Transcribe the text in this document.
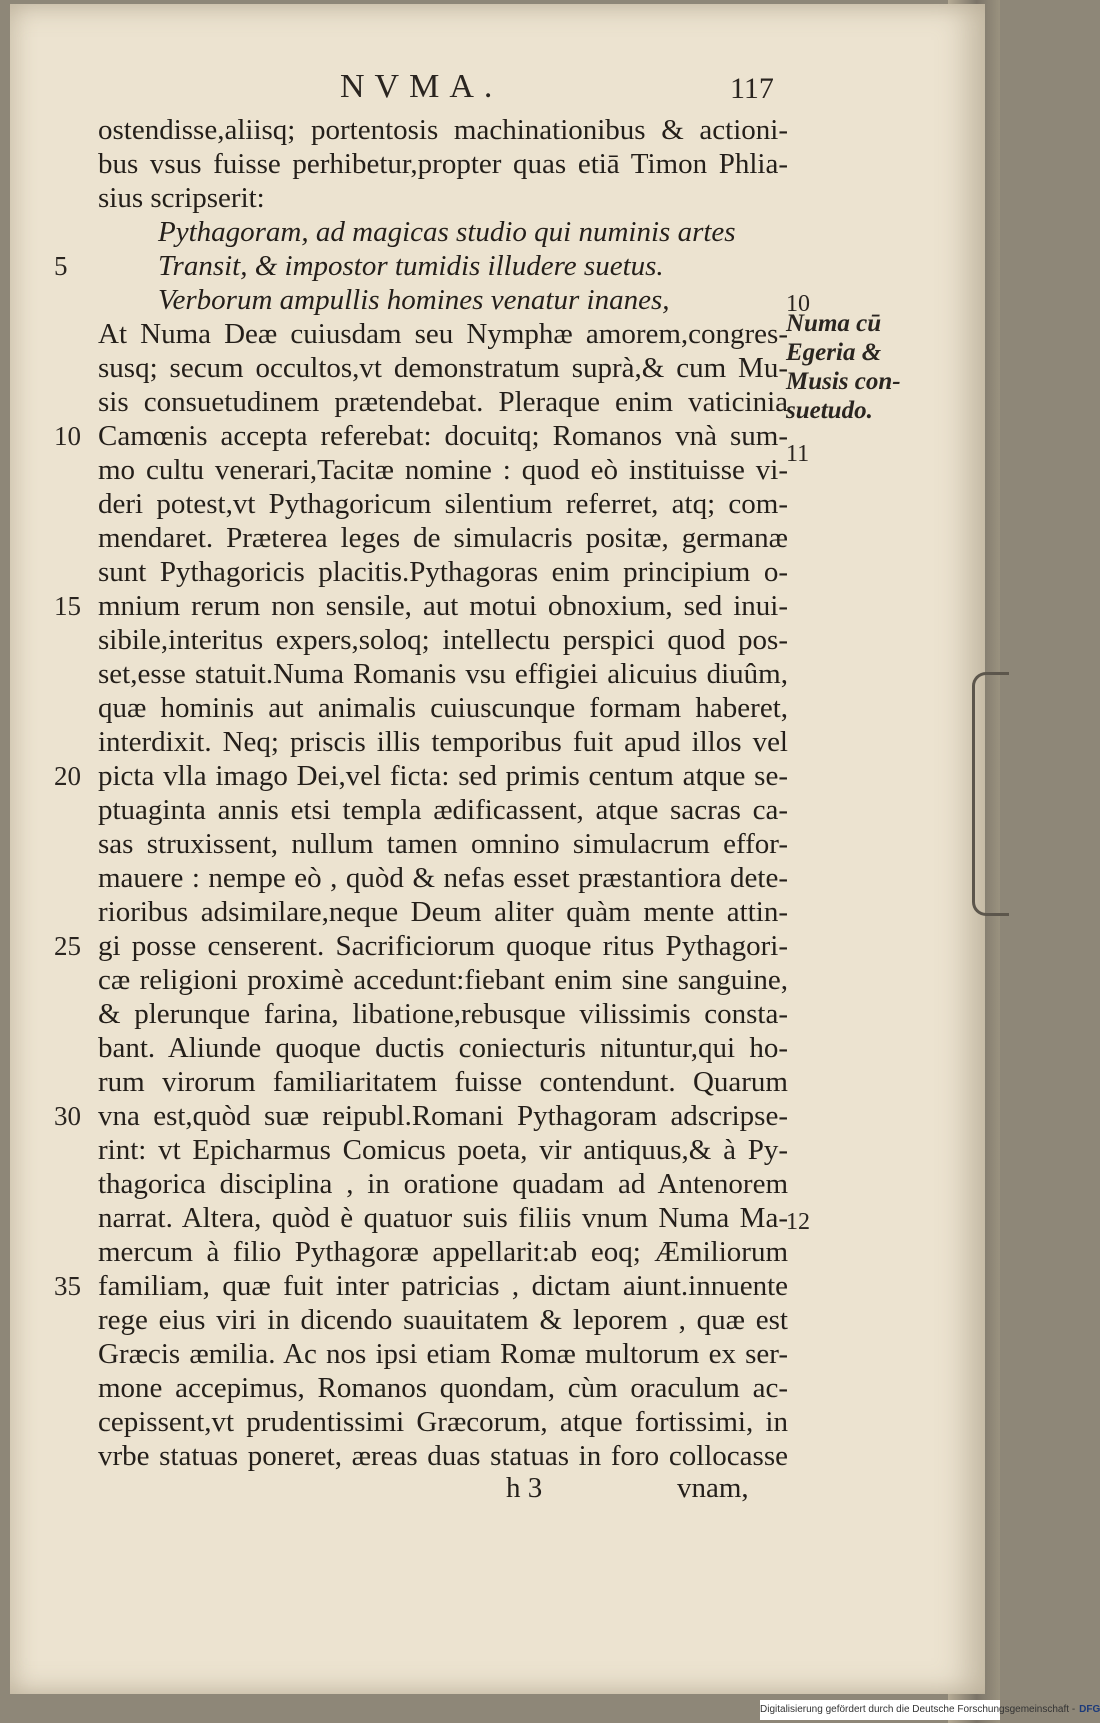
NVMA.	117
ostendisse,aliisq; portentosis machinationibus & actioni-
bus vsus fuisse perhibetur,propter quas etiā Timon Phlia-
sius scripserit:
Pythagoram, ad magicas studio qui numinis artes
Transit, & impostor tumidis illudere suetus.
Verborum ampullis homines venatur inanes,
At Numa Deæ cuiusdam seu Nymphæ amorem,congres-
susq; secum occultos,vt demonstratum suprà,& cum Mu-
sis consuetudinem prætendebat. Pleraque enim vaticinia
Camœnis accepta referebat: docuitq; Romanos vnà sum-
mo cultu venerari,Tacitæ nomine : quod eò instituisse vi-
deri potest,vt Pythagoricum silentium referret, atq; com-
mendaret. Præterea leges de simulacris positæ, germanæ
sunt Pythagoricis placitis.Pythagoras enim principium o-
mnium rerum non sensile, aut motui obnoxium, sed inui-
sibile,interitus expers,soloq; intellectu perspici quod pos-
set,esse statuit.Numa Romanis vsu effigiei alicuius diuûm,
quæ hominis aut animalis cuiuscunque formam haberet,
interdixit. Neq; priscis illis temporibus fuit apud illos vel
picta vlla imago Dei,vel ficta: sed primis centum atque se-
ptuaginta annis etsi templa ædificassent, atque sacras ca-
sas struxissent, nullum tamen omnino simulacrum effor-
mauere : nempe eò , quòd & nefas esset præstantiora dete-
rioribus adsimilare,neque Deum aliter quàm mente attin-
gi posse censerent. Sacrificiorum quoque ritus Pythagori-
cæ religioni proximè accedunt:fiebant enim sine sanguine,
& plerunque farina, libatione,rebusque vilissimis consta-
bant. Aliunde quoque ductis coniecturis nituntur,qui ho-
rum virorum familiaritatem fuisse contendunt. Quarum
vna est,quòd suæ reipubl.Romani Pythagoram adscripse-
rint: vt Epicharmus Comicus poeta, vir antiquus,& à Py-
thagorica disciplina , in oratione quadam ad Antenorem
narrat. Altera, quòd è quatuor suis filiis vnum Numa Ma-
mercum à filio Pythagoræ appellarit:ab eoq; Æmiliorum
familiam, quæ fuit inter patricias , dictam aiunt.innuente
rege eius viri in dicendo suauitatem & leporem , quæ est
Græcis æmilia. Ac nos ipsi etiam Romæ multorum ex ser-
mone accepimus, Romanos quondam, cùm oraculum ac-
cepissent,vt prudentissimi Græcorum, atque fortissimi, in
vrbe statuas poneret, æreas duas statuas in foro collocasse
5
10
15
20
25
30
35
10
11
12
Numa cū
Egeria &
Musis con-
suetudo.
h 3	vnam,
Digitalisierung gefördert durch die Deutsche Forschungsgemeinschaft - DFG
